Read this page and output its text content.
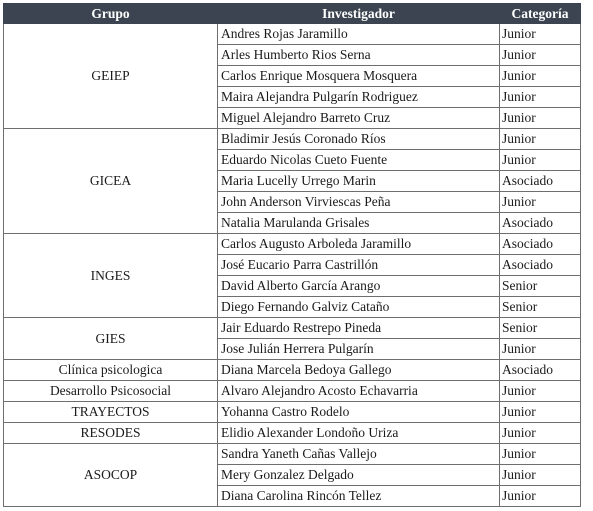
Grupo	Investigador	Categoría
GEIEP	Andres Rojas Jaramillo	Junior
	Arles Humberto Rios Serna	Junior
	Carlos Enrique Mosquera Mosquera	Junior
	Maira Alejandra Pulgarín Rodriguez	Junior
	Miguel Alejandro Barreto Cruz	Junior
GICEA	Bladimir Jesús Coronado Ríos	Junior
	Eduardo Nicolas Cueto Fuente	Junior
	Maria Lucelly Urrego Marin	Asociado
	John Anderson Virviescas Peña	Junior
	Natalia Marulanda Grisales	Asociado
INGES	Carlos Augusto Arboleda Jaramillo	Asociado
	José Eucario Parra Castrillón	Asociado
	David Alberto García Arango	Senior
	Diego Fernando Galviz Cataño	Senior
GIES	Jair Eduardo Restrepo Pineda	Senior
	Jose Julián Herrera Pulgarín	Junior
Clínica psicologica	Diana Marcela Bedoya Gallego	Asociado
Desarrollo Psicosocial	Alvaro Alejandro Acosto Echavarria	Junior
TRAYECTOS	Yohanna Castro Rodelo	Junior
RESODES	Elidio Alexander Londoño Uriza	Junior
ASOCOP	Sandra Yaneth Cañas Vallejo	Junior
	Mery Gonzalez Delgado	Junior
	Diana Carolina Rincón Tellez	Junior
